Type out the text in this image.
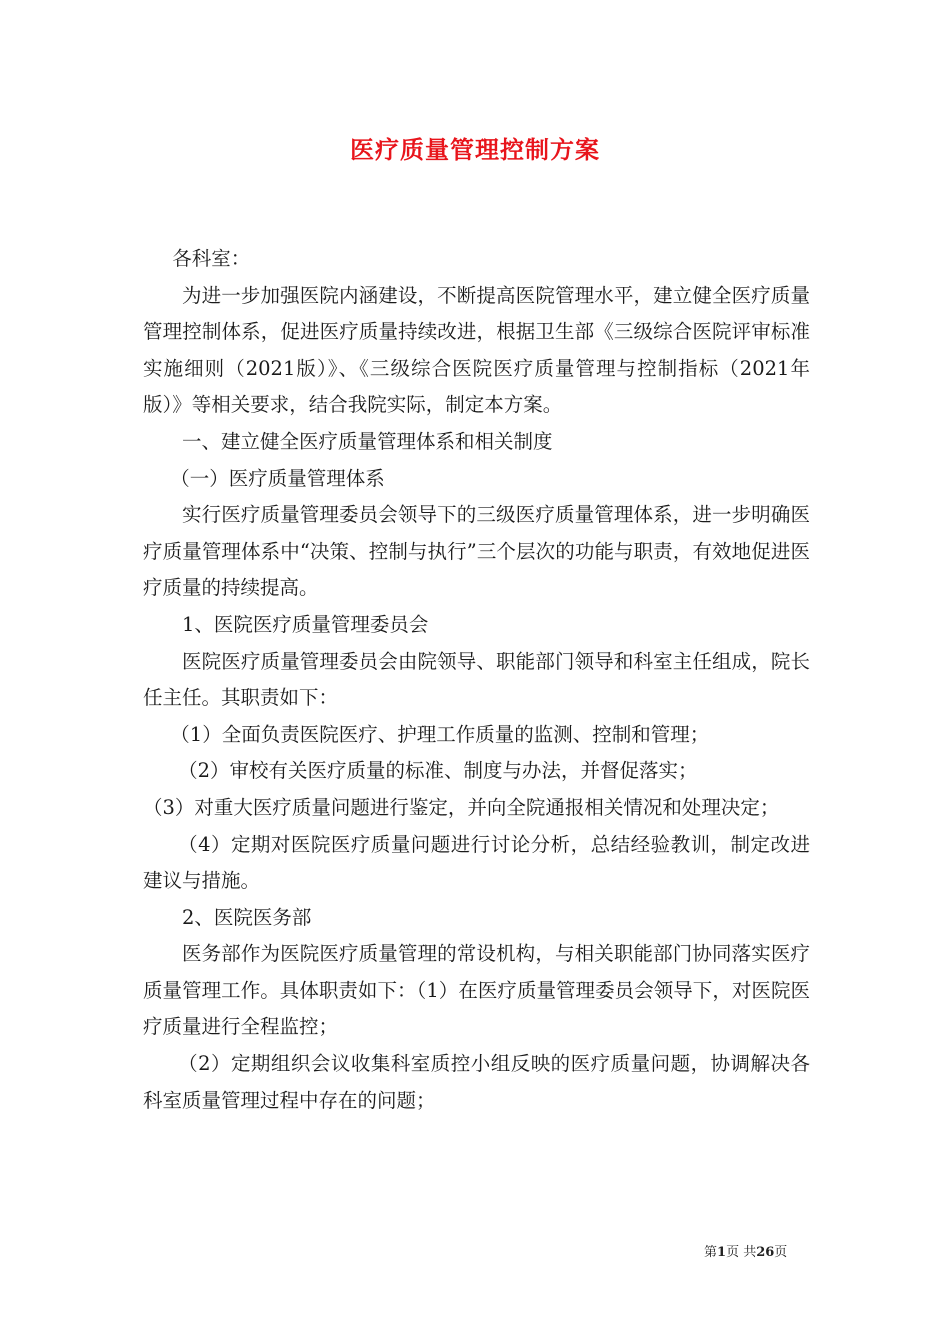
医疗质量管理控制方案

各科室：

为进一步加强医院内涵建设，不断提高医院管理水平，建立健全医疗质量管理控制体系，促进医疗质量持续改进，根据卫生部《三级综合医院评审标准实施细则（2021版）》、《三级综合医院医疗质量管理与控制指标（2021年版）》等相关要求，结合我院实际，制定本方案。

一、建立健全医疗质量管理体系和相关制度

（一）医疗质量管理体系

实行医疗质量管理委员会领导下的三级医疗质量管理体系，进一步明确医疗质量管理体系中“决策、控制与执行”三个层次的功能与职责，有效地促进医疗质量的持续提高。

1、医院医疗质量管理委员会

医院医疗质量管理委员会由院领导、职能部门领导和科室主任组成，院长任主任。其职责如下：

（1）全面负责医院医疗、护理工作质量的监测、控制和管理；

（2）审校有关医疗质量的标准、制度与办法，并督促落实；

（3）对重大医疗质量问题进行鉴定，并向全院通报相关情况和处理决定；

（4）定期对医院医疗质量问题进行讨论分析，总结经验教训，制定改进建议与措施。

2、医院医务部

医务部作为医院医疗质量管理的常设机构，与相关职能部门协同落实医疗质量管理工作。具体职责如下：（1）在医疗质量管理委员会领导下，对医院医疗质量进行全程监控；

（2）定期组织会议收集科室质控小组反映的医疗质量问题，协调解决各科室质量管理过程中存在的问题；

第1页 共26页
